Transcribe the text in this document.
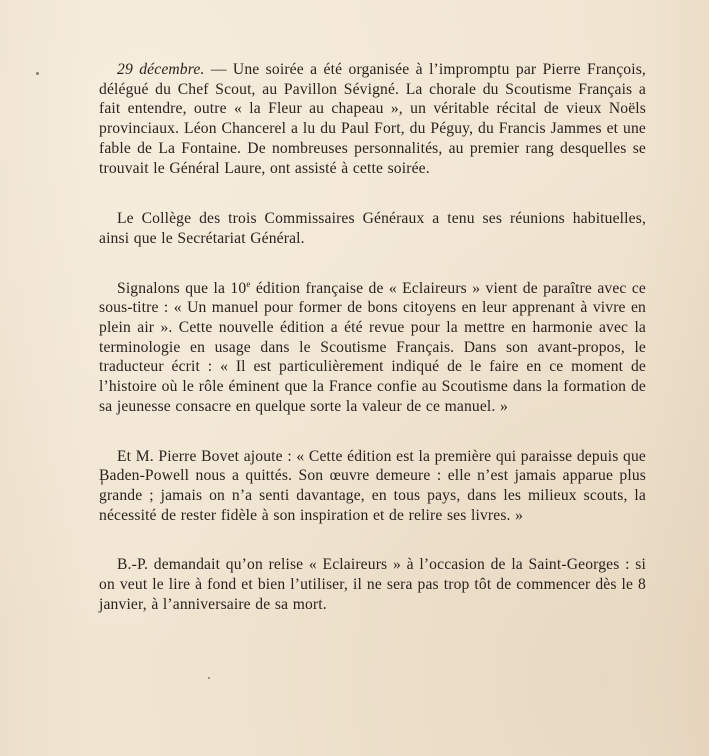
29 décembre. — Une soirée a été organisée à l’impromptu par Pierre François, délégué du Chef Scout, au Pavillon Sévigné. La chorale du Scoutisme Français a fait entendre, outre « la Fleur au chapeau », un véritable récital de vieux Noëls provinciaux. Léon Chancerel a lu du Paul Fort, du Péguy, du Francis Jammes et une fable de La Fontaine. De nombreuses personnalités, au premier rang desquelles se trouvait le Général Laure, ont assisté à cette soirée.

Le Collège des trois Commissaires Généraux a tenu ses réunions habituelles, ainsi que le Secrétariat Général.

Signalons que la 10e édition française de « Eclaireurs » vient de paraître avec ce sous-titre : « Un manuel pour former de bons citoyens en leur apprenant à vivre en plein air ». Cette nouvelle édition a été revue pour la mettre en harmonie avec la terminologie en usage dans le Scoutisme Français. Dans son avant-propos, le traducteur écrit : « Il est particulièrement indiqué de le faire en ce moment de l’histoire où le rôle éminent que la France confie au Scoutisme dans la formation de sa jeunesse consacre en quelque sorte la valeur de ce manuel. »

Et M. Pierre Bovet ajoute : « Cette édition est la première qui paraisse depuis que Baden-Powell nous a quittés. Son œuvre demeure : elle n’est jamais apparue plus grande ; jamais on n’a senti davantage, en tous pays, dans les milieux scouts, la nécessité de rester fidèle à son inspiration et de relire ses livres. »

B.-P. demandait qu’on relise « Eclaireurs » à l’occasion de la Saint-Georges : si on veut le lire à fond et bien l’utiliser, il ne sera pas trop tôt de commencer dès le 8 janvier, à l’anniversaire de sa mort.
